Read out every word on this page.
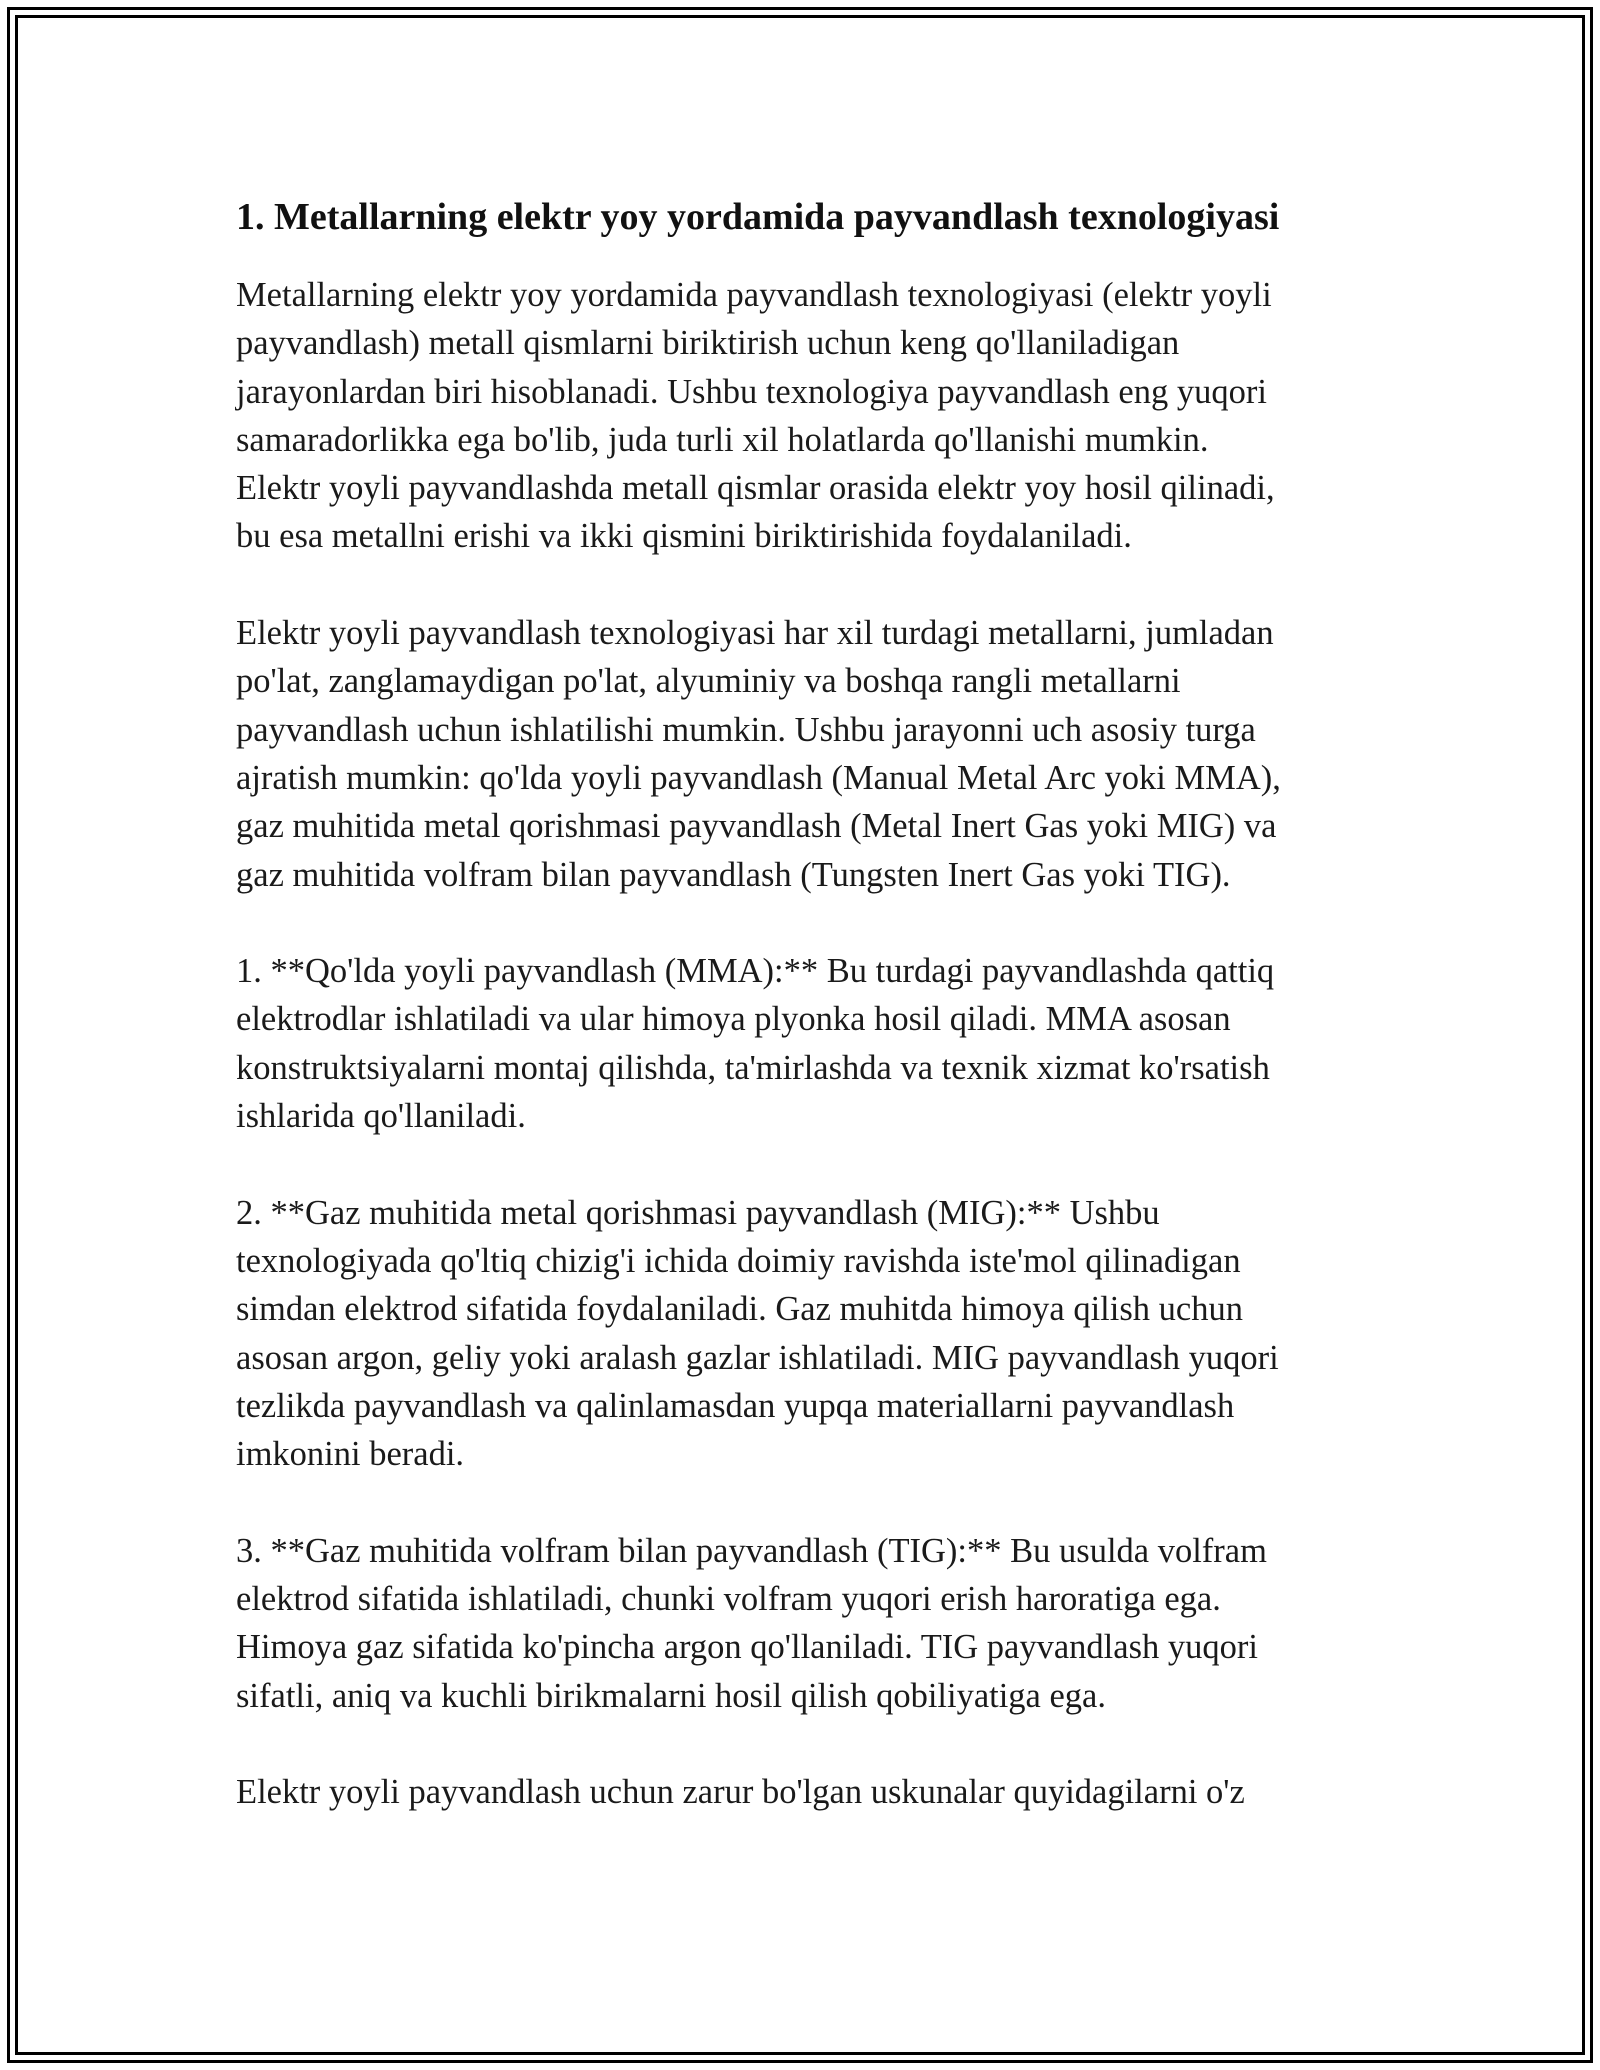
1. Metallarning elektr yoy yordamida payvandlash texnologiyasi

Metallarning elektr yoy yordamida payvandlash texnologiyasi (elektr yoyli
payvandlash) metall qismlarni biriktirish uchun keng qo'llaniladigan
jarayonlardan biri hisoblanadi. Ushbu texnologiya payvandlash eng yuqori
samaradorlikka ega bo'lib, juda turli xil holatlarda qo'llanishi mumkin.
Elektr yoyli payvandlashda metall qismlar orasida elektr yoy hosil qilinadi,
bu esa metallni erishi va ikki qismini biriktirishida foydalaniladi.

Elektr yoyli payvandlash texnologiyasi har xil turdagi metallarni, jumladan
po'lat, zanglamaydigan po'lat, alyuminiy va boshqa rangli metallarni
payvandlash uchun ishlatilishi mumkin. Ushbu jarayonni uch asosiy turga
ajratish mumkin: qo'lda yoyli payvandlash (Manual Metal Arc yoki MMA),
gaz muhitida metal qorishmasi payvandlash (Metal Inert Gas yoki MIG) va
gaz muhitida volfram bilan payvandlash (Tungsten Inert Gas yoki TIG).

1. **Qo'lda yoyli payvandlash (MMA):** Bu turdagi payvandlashda qattiq
elektrodlar ishlatiladi va ular himoya plyonka hosil qiladi. MMA asosan
konstruktsiyalarni montaj qilishda, ta'mirlashda va texnik xizmat ko'rsatish
ishlarida qo'llaniladi.

2. **Gaz muhitida metal qorishmasi payvandlash (MIG):** Ushbu
texnologiyada qo'ltiq chizig'i ichida doimiy ravishda iste'mol qilinadigan
simdan elektrod sifatida foydalaniladi. Gaz muhitda himoya qilish uchun
asosan argon, geliy yoki aralash gazlar ishlatiladi. MIG payvandlash yuqori
tezlikda payvandlash va qalinlamasdan yupqa materiallarni payvandlash
imkonini beradi.

3. **Gaz muhitida volfram bilan payvandlash (TIG):** Bu usulda volfram
elektrod sifatida ishlatiladi, chunki volfram yuqori erish haroratiga ega.
Himoya gaz sifatida ko'pincha argon qo'llaniladi. TIG payvandlash yuqori
sifatli, aniq va kuchli birikmalarni hosil qilish qobiliyatiga ega.

Elektr yoyli payvandlash uchun zarur bo'lgan uskunalar quyidagilarni o'z
